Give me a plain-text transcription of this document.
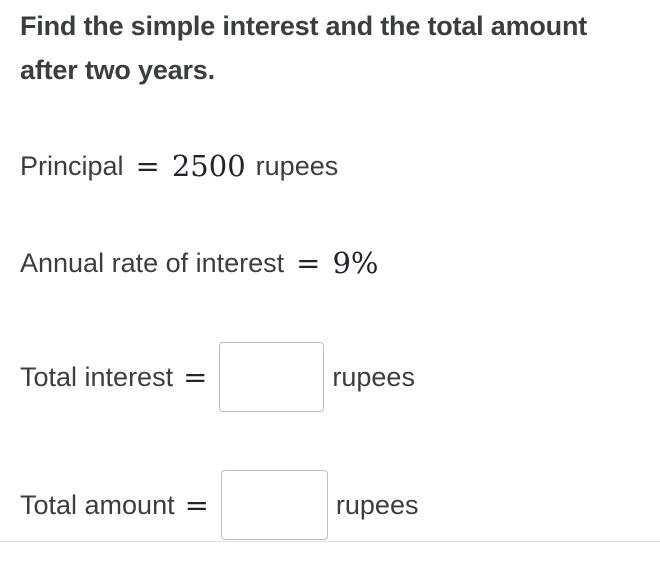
Find the simple interest and the total amount after two years.
Principal = 2500 rupees
Annual rate of interest = 9%
Total interest =	rupees
Total amount =	rupees
